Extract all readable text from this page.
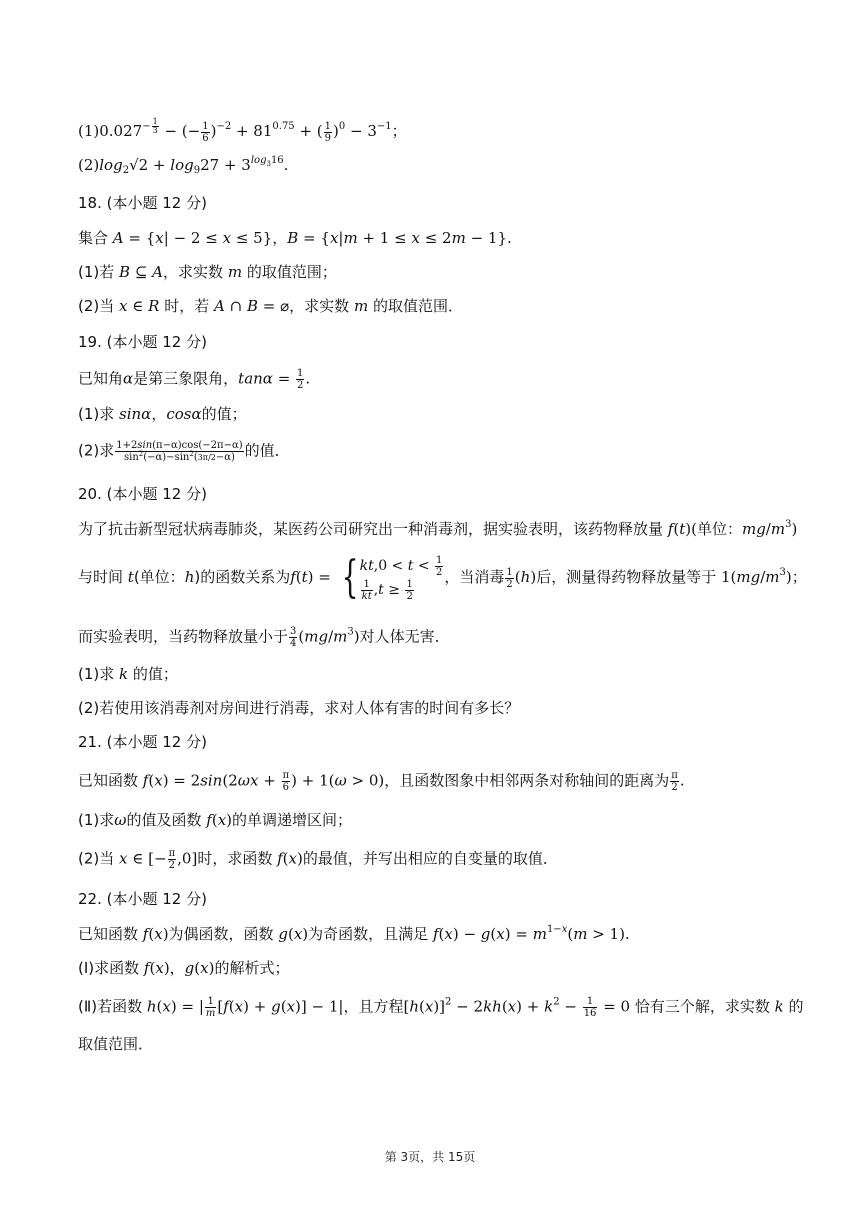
$(1)0.027^{- \frac{1}{3}}$ − (− $\frac{1}{6} )^{-2} + 81^{0.75}$ + ( $\frac{1}{9} )^0 - 3^{-1}$；
$(2)\log_2√2 + \log_927 + 3^{log_316}$.
18. (本小题 12 分)
集合 A = {x| − 2 ≤ x ≤ 5}，B = {x|m + 1 ≤ x ≤ 2m − 1}.
(1)若 B ⊆ A，求实数 m 的取值范围；
(2)当 x ∈ R 时，若 A ∩ B = ⌀，求实数 m 的取值范围．
19. (本小题 12 分)
已知角α是第三象限角，$\tan\alpha = \frac{1}{2}$ .
(1)求 sinα，cosα的值；
(2)求 $\frac{1+2\sin(\pi-\alpha)\cos(-2\pi-\alpha)}{\sin^2(-\alpha)-\sin^2(3\pi/2-\alpha)}$ 的值．
20. (本小题 12 分)
为了抗击新型冠状病毒肺炎，某医药公司研究出一种消毒剂，据实验表明，该药物释放量 f(t)(单位：$mg/m^3$)
与时间 t(单位：h)的函数关系为f(t) = { $kt,0 < t < \frac{1}{2}$
$\frac{1}{kt} ,t \ge \frac{1}{2}$
，当消毒 $\frac{1}{2} (h)$后，测量得药物释放量等于 $1(mg/m^3)$；
而实验表明，当药物释放量小于 $\frac{3}{4} (mg/m^3)$对人体无害．
(1)求 k 的值；
(2)若使用该消毒剂对房间进行消毒，求对人体有害的时间有多长？
21. (本小题 12 分)
已知函数 $f(x) = 2\sin(2\omega x + \frac{\pi}{6}$ ) + 1(ω > 0)，且函数图象中相邻两条对称轴间的距离为 $\frac{\pi}{2}$ .
(1)求ω的值及函数 f(x)的单调递增区间；
(2)当 x ∈ [− $\frac{\pi}{2} ,0$]时，求函数 f(x)的最值，并写出相应的自变量的取值．
22. (本小题 12 分)
已知函数 f(x)为偶函数，函数 g(x)为奇函数，且满足 $f(x) - g(x) = m^{1-x}(m > 1)$.
(Ⅰ)求函数 f(x)，g(x)的解析式；
(Ⅱ)若函数 h(x) = | $\frac{1}{m} [f(x) + g(x)] - 1|$，且方程$[h(x)]^2 - 2kh(x) + k^2 - \frac{1}{16} = 0$ 恰有三个解，求实数 k 的
取值范围．
第 3页，共 15页
